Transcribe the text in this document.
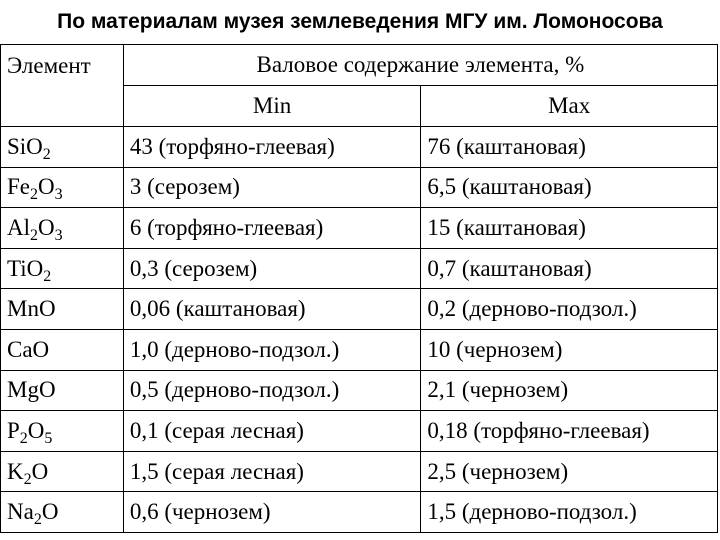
По материалам музея землеведения МГУ им. Ломоносова
Элемент	Валовое содержание элемента, %	
	Min	Max
SiO$_2$	43 (торфяно-глеевая)	76 (каштановая)
$Fe_2O_3$	3 (серозем)	6,5 (каштановая)
$Al_2O_3$	6 (торфяно-глеевая)	15 (каштановая)
TiO$_2$	0,3 (серозем)	0,7 (каштановая)
MnO	0,06 (каштановая)	0,2 (дерново-подзол.)
CaO	1,0 (дерново-подзол.)	10 (чернозем)
MgO	0,5 (дерново-подзол.)	2,1 (чернозем)
$P_2O_5$	0,1 (серая лесная)	0,18 (торфяно-глеевая)
$K_2O$	1,5 (серая лесная)	2,5 (чернозем)
$Na_2O$	0,6 (чернозем)	1,5 (дерново-подзол.)
